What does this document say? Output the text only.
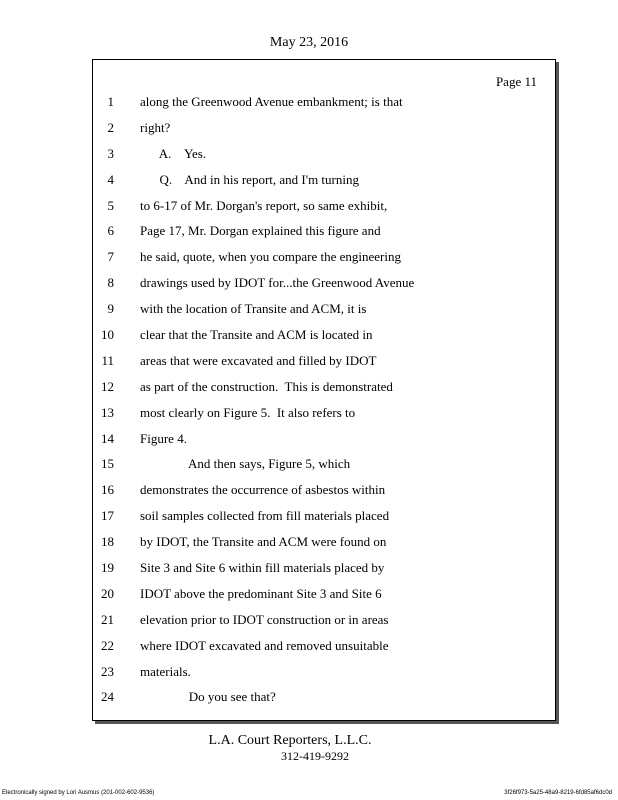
May 23, 2016
Page 11
1 along the Greenwood Avenue embankment; is that
2 right?
3 A.    Yes.
4 Q.    And in his report, and I'm turning
5 to 6-17 of Mr. Dorgan's report, so same exhibit,
6 Page 17, Mr. Dorgan explained this figure and
7 he said, quote, when you compare the engineering
8 drawings used by IDOT for...the Greenwood Avenue
9 with the location of Transite and ACM, it is
10 clear that the Transite and ACM is located in
11 areas that were excavated and filled by IDOT
12 as part of the construction.  This is demonstrated
13 most clearly on Figure 5.  It also refers to
14 Figure 4.
15 And then says, Figure 5, which
16 demonstrates the occurrence of asbestos within
17 soil samples collected from fill materials placed
18 by IDOT, the Transite and ACM were found on
19 Site 3 and Site 6 within fill materials placed by
20 IDOT above the predominant Site 3 and Site 6
21 elevation prior to IDOT construction or in areas
22 where IDOT excavated and removed unsuitable
23 materials.
24 Do you see that?
L.A. Court Reporters, L.L.C.
312-419-9292
Electronically signed by Lori Ausmus (201-002-602-9536)	3f26f973-5a25-48a9-8219-6fd85af6dc0d
